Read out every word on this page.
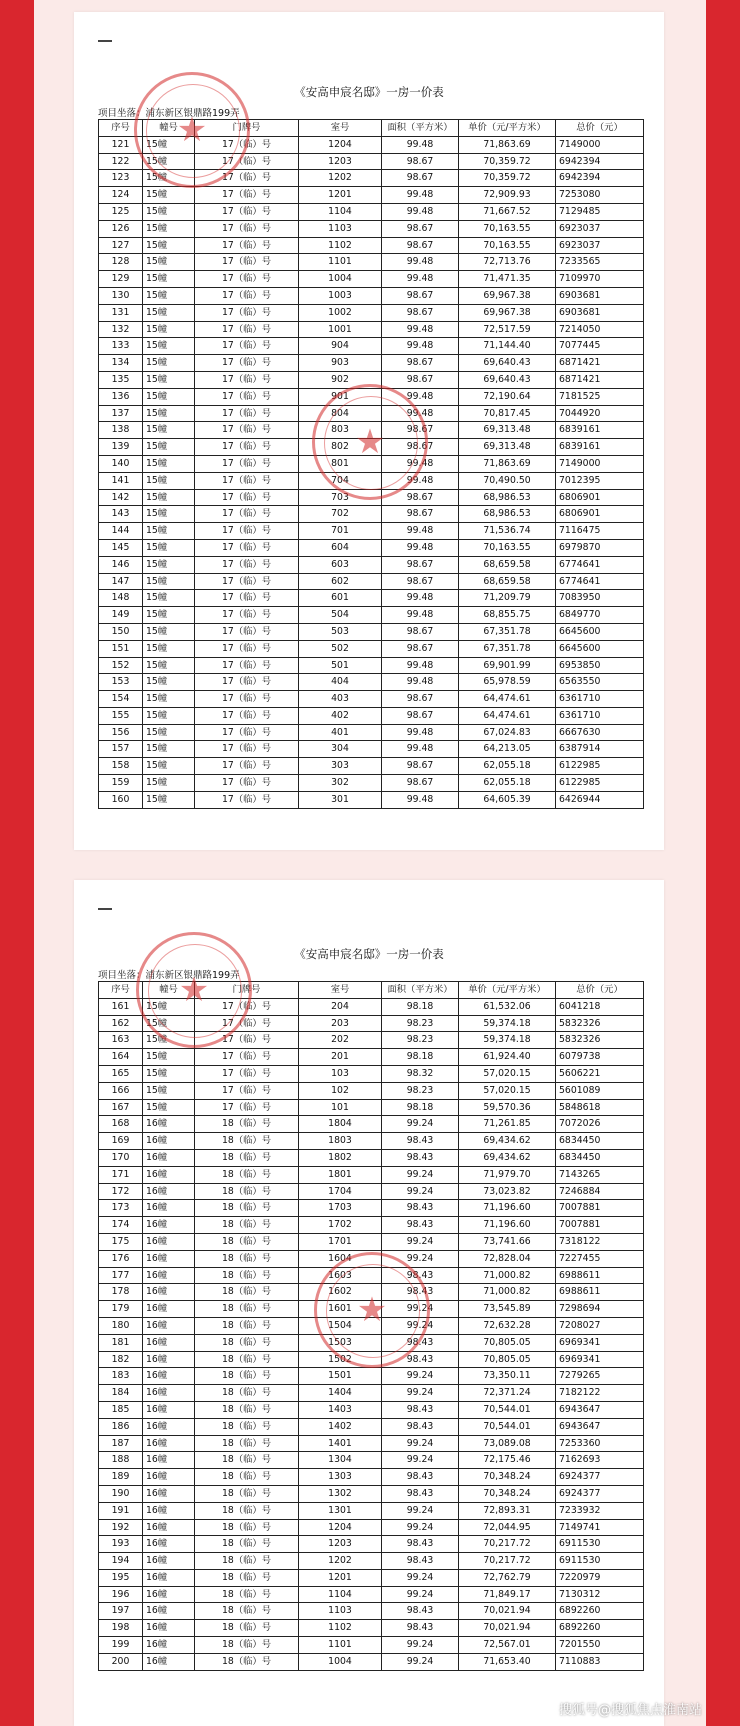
《安高申宸名邸》一房一价表
项目坐落：浦东新区银鼎路199弄
序号	幢号	门牌号	室号	面积（平方米）	单价（元/平方米）	总价（元）
121	15幢	17（临）号	1204	99.48	71,863.69	7149000
122	15幢	17（临）号	1203	98.67	70,359.72	6942394
123	15幢	17（临）号	1202	98.67	70,359.72	6942394
124	15幢	17（临）号	1201	99.48	72,909.93	7253080
125	15幢	17（临）号	1104	99.48	71,667.52	7129485
126	15幢	17（临）号	1103	98.67	70,163.55	6923037
127	15幢	17（临）号	1102	98.67	70,163.55	6923037
128	15幢	17（临）号	1101	99.48	72,713.76	7233565
129	15幢	17（临）号	1004	99.48	71,471.35	7109970
130	15幢	17（临）号	1003	98.67	69,967.38	6903681
131	15幢	17（临）号	1002	98.67	69,967.38	6903681
132	15幢	17（临）号	1001	99.48	72,517.59	7214050
133	15幢	17（临）号	904	99.48	71,144.40	7077445
134	15幢	17（临）号	903	98.67	69,640.43	6871421
135	15幢	17（临）号	902	98.67	69,640.43	6871421
136	15幢	17（临）号	901	99.48	72,190.64	7181525
137	15幢	17（临）号	804	99.48	70,817.45	7044920
138	15幢	17（临）号	803	98.67	69,313.48	6839161
139	15幢	17（临）号	802	98.67	69,313.48	6839161
140	15幢	17（临）号	801	99.48	71,863.69	7149000
141	15幢	17（临）号	704	99.48	70,490.50	7012395
142	15幢	17（临）号	703	98.67	68,986.53	6806901
143	15幢	17（临）号	702	98.67	68,986.53	6806901
144	15幢	17（临）号	701	99.48	71,536.74	7116475
145	15幢	17（临）号	604	99.48	70,163.55	6979870
146	15幢	17（临）号	603	98.67	68,659.58	6774641
147	15幢	17（临）号	602	98.67	68,659.58	6774641
148	15幢	17（临）号	601	99.48	71,209.79	7083950
149	15幢	17（临）号	504	99.48	68,855.75	6849770
150	15幢	17（临）号	503	98.67	67,351.78	6645600
151	15幢	17（临）号	502	98.67	67,351.78	6645600
152	15幢	17（临）号	501	99.48	69,901.99	6953850
153	15幢	17（临）号	404	99.48	65,978.59	6563550
154	15幢	17（临）号	403	98.67	64,474.61	6361710
155	15幢	17（临）号	402	98.67	64,474.61	6361710
156	15幢	17（临）号	401	99.48	67,024.83	6667630
157	15幢	17（临）号	304	99.48	64,213.05	6387914
158	15幢	17（临）号	303	98.67	62,055.18	6122985
159	15幢	17（临）号	302	98.67	62,055.18	6122985
160	15幢	17（临）号	301	99.48	64,605.39	6426944
★
★
《安高申宸名邸》一房一价表
项目坐落：浦东新区银鼎路199弄
序号	幢号	门牌号	室号	面积（平方米）	单价（元/平方米）	总价（元）
161	15幢	17（临）号	204	98.18	61,532.06	6041218
162	15幢	17（临）号	203	98.23	59,374.18	5832326
163	15幢	17（临）号	202	98.23	59,374.18	5832326
164	15幢	17（临）号	201	98.18	61,924.40	6079738
165	15幢	17（临）号	103	98.32	57,020.15	5606221
166	15幢	17（临）号	102	98.23	57,020.15	5601089
167	15幢	17（临）号	101	98.18	59,570.36	5848618
168	16幢	18（临）号	1804	99.24	71,261.85	7072026
169	16幢	18（临）号	1803	98.43	69,434.62	6834450
170	16幢	18（临）号	1802	98.43	69,434.62	6834450
171	16幢	18（临）号	1801	99.24	71,979.70	7143265
172	16幢	18（临）号	1704	99.24	73,023.82	7246884
173	16幢	18（临）号	1703	98.43	71,196.60	7007881
174	16幢	18（临）号	1702	98.43	71,196.60	7007881
175	16幢	18（临）号	1701	99.24	73,741.66	7318122
176	16幢	18（临）号	1604	99.24	72,828.04	7227455
177	16幢	18（临）号	1603	98.43	71,000.82	6988611
178	16幢	18（临）号	1602	98.43	71,000.82	6988611
179	16幢	18（临）号	1601	99.24	73,545.89	7298694
180	16幢	18（临）号	1504	99.24	72,632.28	7208027
181	16幢	18（临）号	1503	98.43	70,805.05	6969341
182	16幢	18（临）号	1502	98.43	70,805.05	6969341
183	16幢	18（临）号	1501	99.24	73,350.11	7279265
184	16幢	18（临）号	1404	99.24	72,371.24	7182122
185	16幢	18（临）号	1403	98.43	70,544.01	6943647
186	16幢	18（临）号	1402	98.43	70,544.01	6943647
187	16幢	18（临）号	1401	99.24	73,089.08	7253360
188	16幢	18（临）号	1304	99.24	72,175.46	7162693
189	16幢	18（临）号	1303	98.43	70,348.24	6924377
190	16幢	18（临）号	1302	98.43	70,348.24	6924377
191	16幢	18（临）号	1301	99.24	72,893.31	7233932
192	16幢	18（临）号	1204	99.24	72,044.95	7149741
193	16幢	18（临）号	1203	98.43	70,217.72	6911530
194	16幢	18（临）号	1202	98.43	70,217.72	6911530
195	16幢	18（临）号	1201	99.24	72,762.79	7220979
196	16幢	18（临）号	1104	99.24	71,849.17	7130312
197	16幢	18（临）号	1103	98.43	70,021.94	6892260
198	16幢	18（临）号	1102	98.43	70,021.94	6892260
199	16幢	18（临）号	1101	99.24	72,567.01	7201550
200	16幢	18（临）号	1004	99.24	71,653.40	7110883
★
★
搜狐号@搜狐焦点淮南站
